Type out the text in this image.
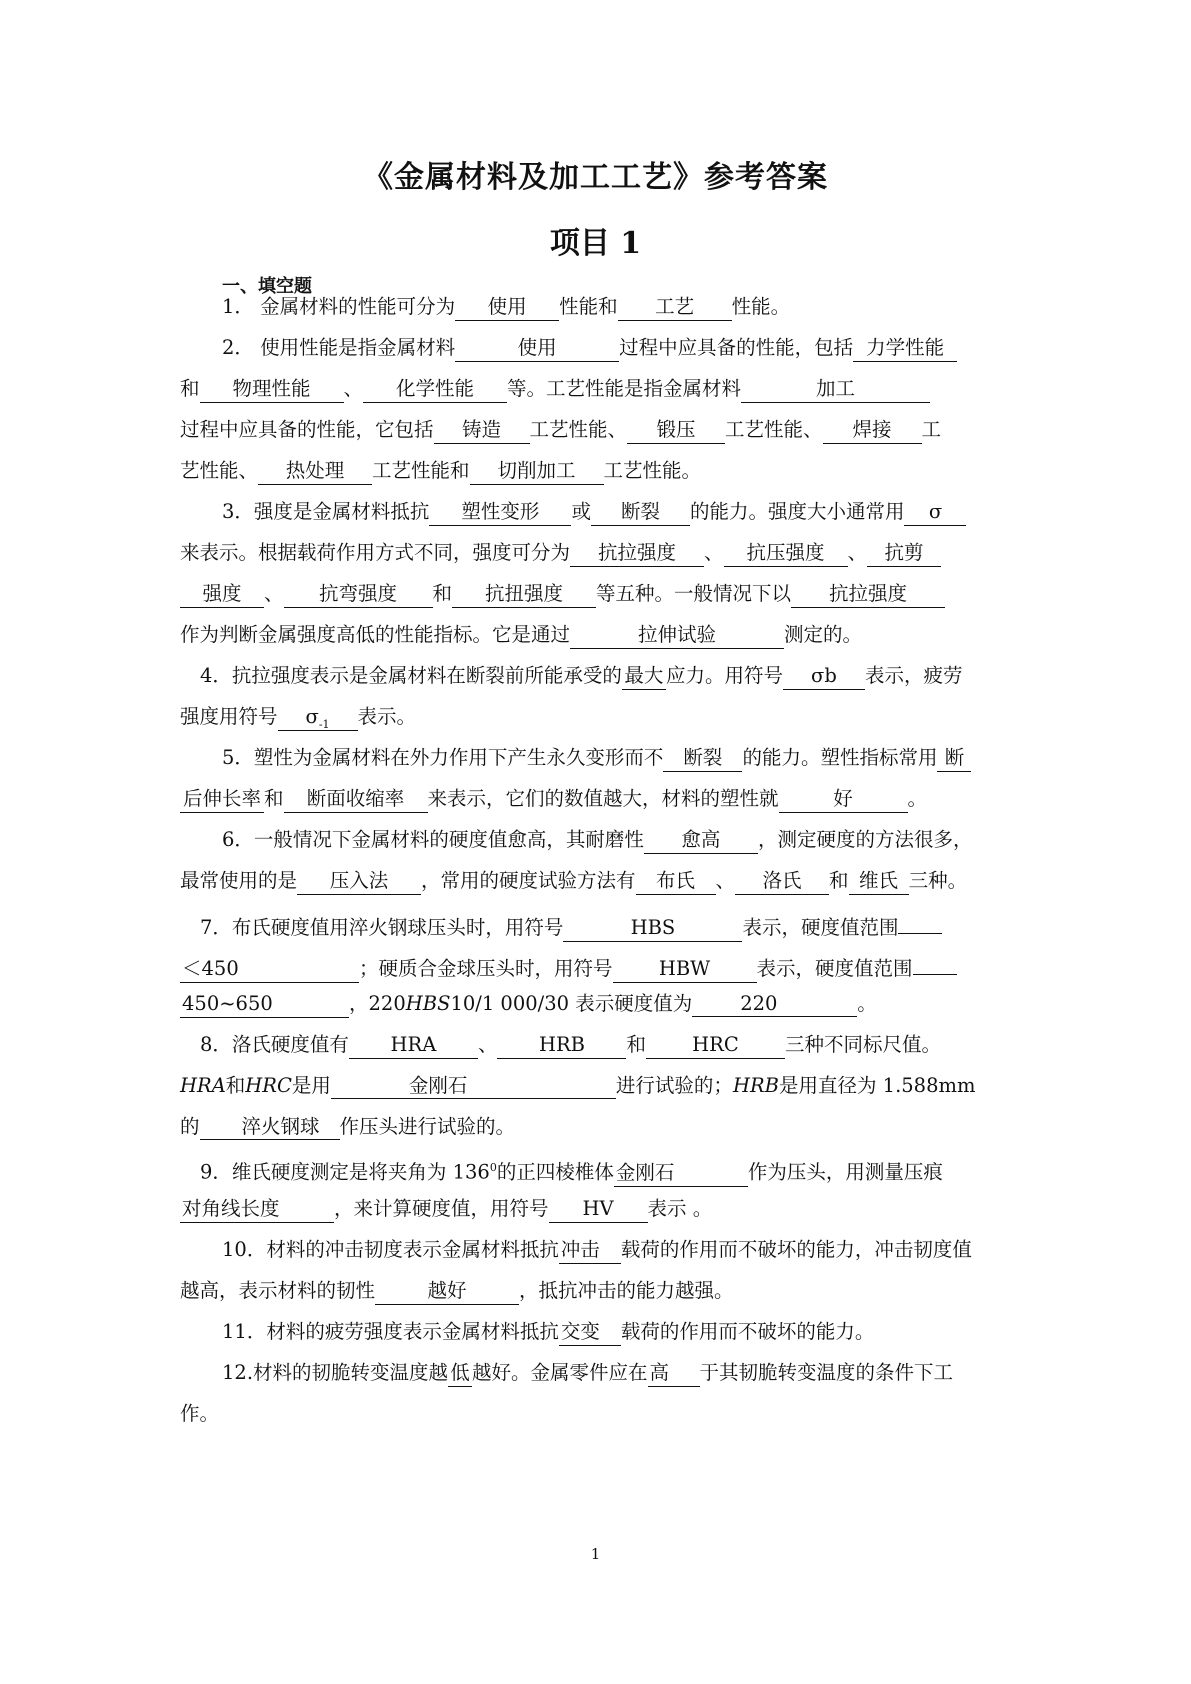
《金属材料及加工工艺》参考答案
项目 1
一、填空题
1． 金属材料的性能可分为 使用 性能和 工艺 性能。
2． 使用性能是指金属材料	使用	过程中应具备的性能，包括 力学性能
和 物理性能 、 化学性能 等。工艺性能是指金属材料	加工
过程中应具备的性能，它包括 铸造 工艺性能、 锻压 工艺性能、 焊接 工
艺性能、 热处理 工艺性能和 切削加工 工艺性能。
3．强度是金属材料抵抗 塑性变形 或 断裂 的能力。强度大小通常用 σ
来表示。根据载荷作用方式不同，强度可分为 抗拉强度 、 抗压强度 、 抗剪
强度 、 抗弯强度 和 抗扭强度 等五种。一般情况下以 抗拉强度
作为判断金属强度高低的性能指标。它是通过	拉伸试验	测定的。
4．抗拉强度表示是金属材料在断裂前所能承受的 最大 应力。用符号 σb 表示，疲劳
强度用符号 $\sigma_{-1}$ 表示。
5．塑性为金属材料在外力作用下产生永久变形而不 断裂 的能力。塑性指标常用 断
后伸长率 和 断面收缩率 来表示，它们的数值越大，材料的塑性就	好	。
6．一般情况下金属材料的硬度值愈高，其耐磨性 愈高 ，测定硬度的方法很多，
最常使用的是 压入法 ，常用的硬度试验方法有 布氏 、 洛氏 和 维氏 三种。
7．布氏硬度值用淬火钢球压头时，用符号	HBS	表示，硬度值范围
＜450	；硬质合金球压头时，用符号 HBW 表示，硬度值范围
450~650	，220HBS10/1 000/30 表示硬度值为 220	。
8．洛氏硬度值有 HRA 、 HRB 和 HRC 三种不同标尺值。
HRA和HRC是用	金刚石	进行试验的；HRB是用直径为 1.588mm
的 淬火钢球 作压头进行试验的。
9．维氏硬度测定是将夹角为 $136^0$的正四棱椎体 金刚石	作为压头，用测量压痕
对角线长度	，来计算硬度值，用符号 HV 表示 。
10．材料的冲击韧度表示金属材料抵抗 冲击 载荷的作用而不破坏的能力，冲击韧度值
越高，表示材料的韧性	越好	，抵抗冲击的能力越强。
11．材料的疲劳强度表示金属材料抵抗 交变 载荷的作用而不破坏的能力。
12.材料的韧脆转变温度越 低 越好。金属零件应在 高 于其韧脆转变温度的条件下工
作。
1
